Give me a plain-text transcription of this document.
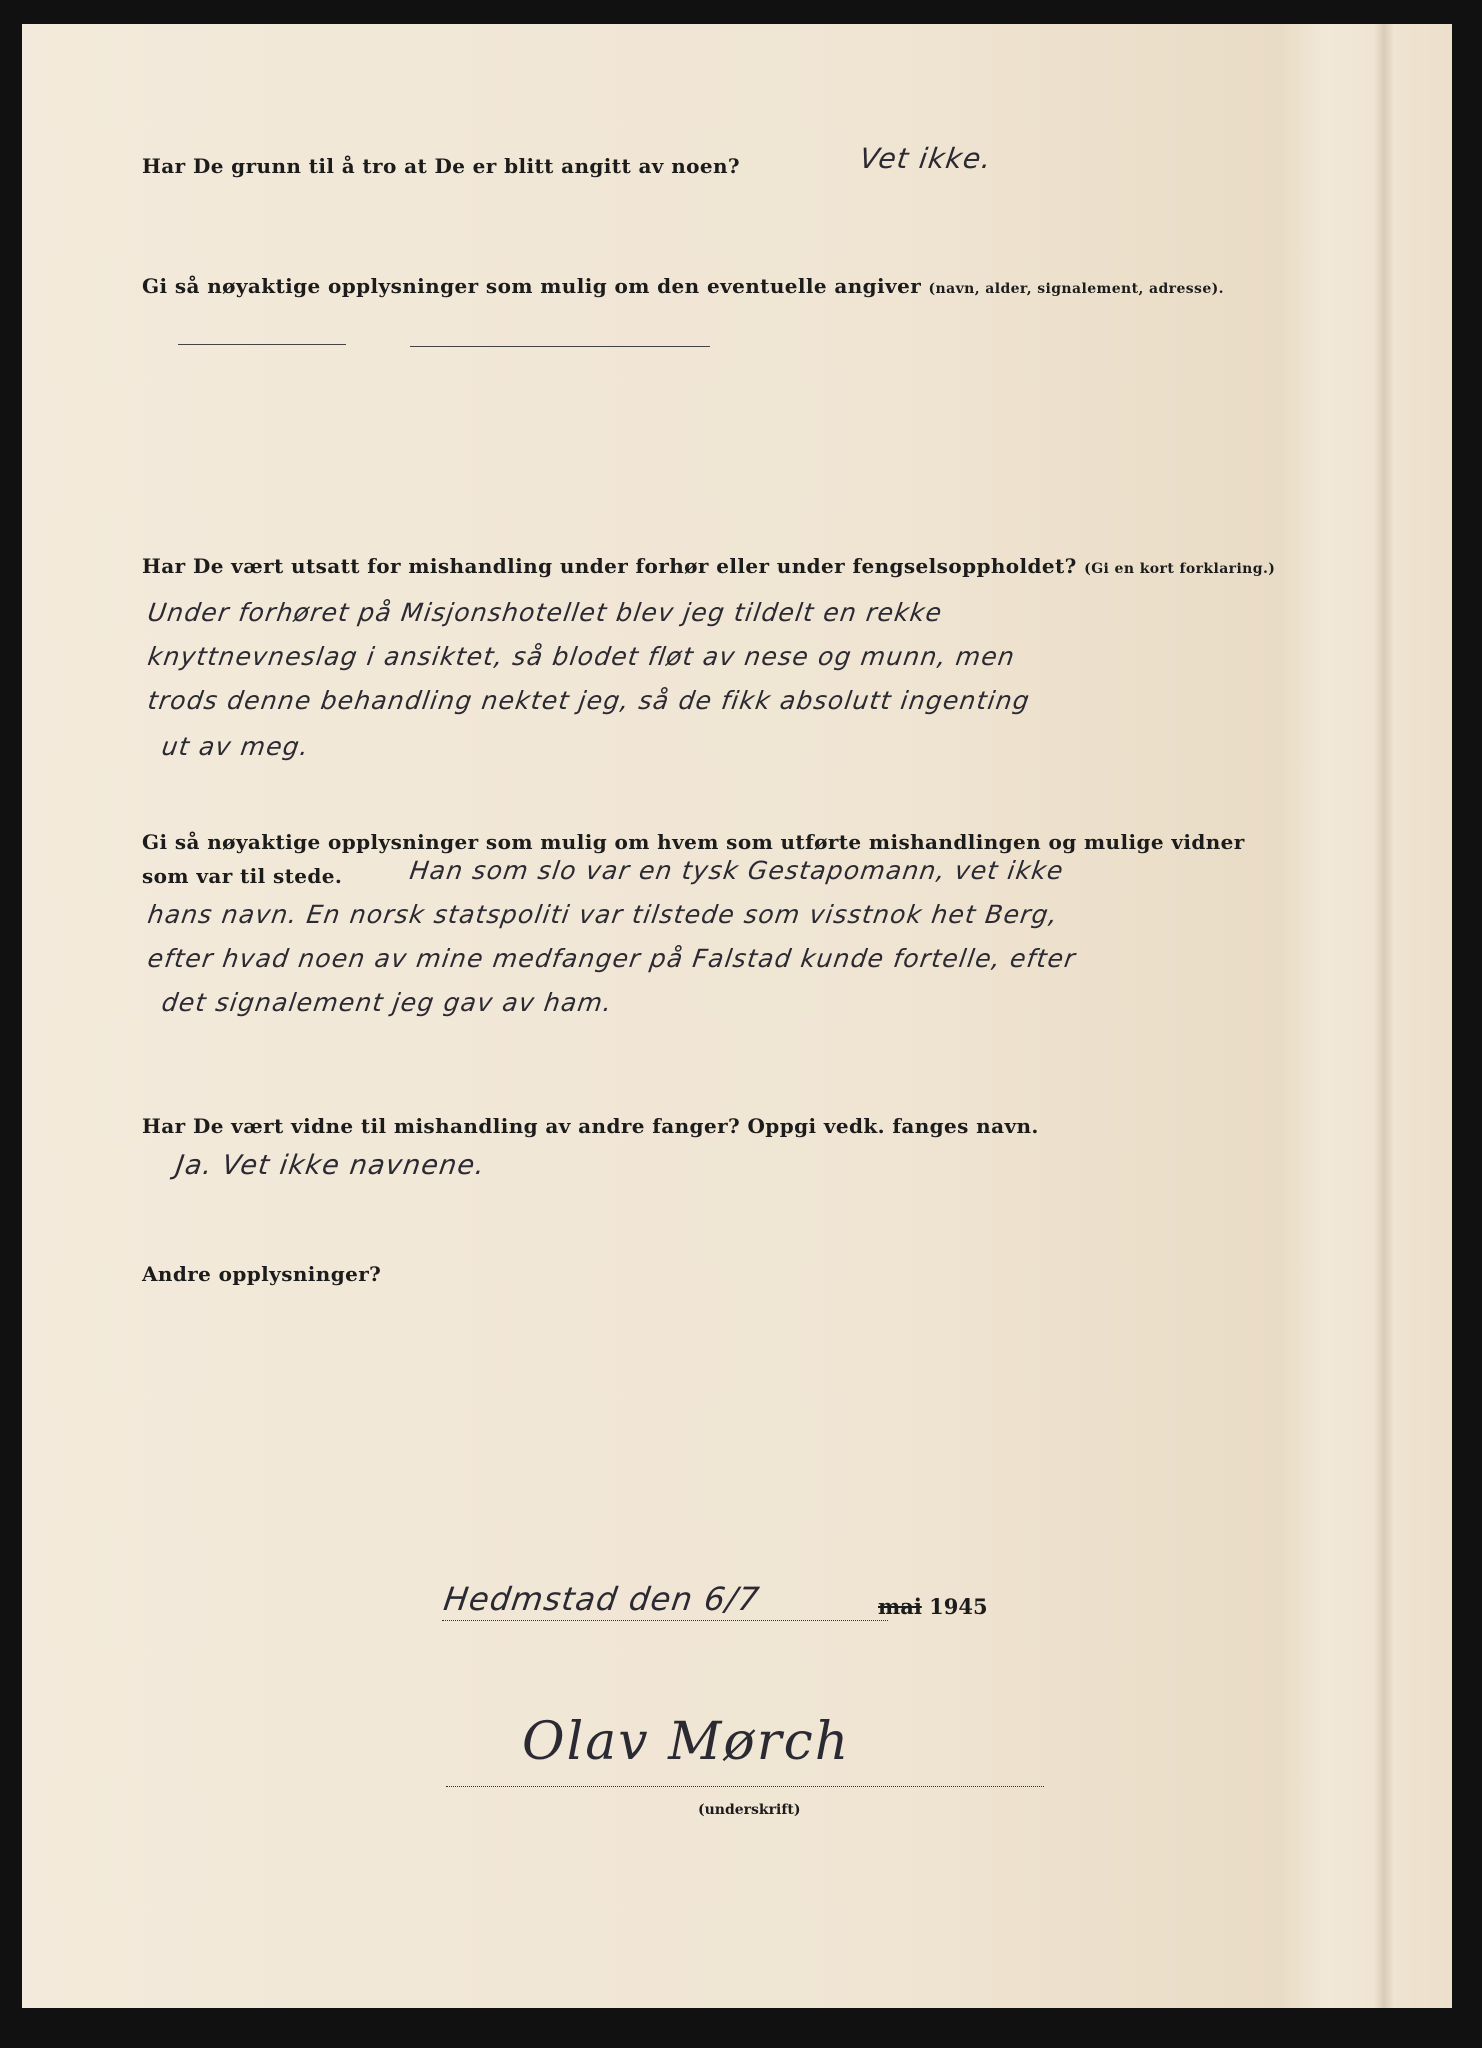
Har De grunn til å tro at De er blitt angitt av noen?	Vet ikke.

Gi så nøyaktige opplysninger som mulig om den eventuelle angiver (navn, alder, signalement, adresse).

Har De vært utsatt for mishandling under forhør eller under fengselsoppholdet? (Gi en kort forklaring.)

Under forhøret på Misjonshotellet blev jeg tildelt en rekke

knyttnevneslag i ansiktet, så blodet fløt av nese og munn, men

trods denne behandling nektet jeg, så de fikk absolutt ingenting

ut av meg.

Gi så nøyaktige opplysninger som mulig om hvem som utførte mishandlingen og mulige vidner

som var til stede.	Han som slo var en tysk Gestapomann, vet ikke

hans navn. En norsk statspoliti var tilstede som visstnok het Berg,

efter hvad noen av mine medfanger på Falstad kunde fortelle, efter

det signalement jeg gav av ham.

Har De vært vidne til mishandling av andre fanger? Oppgi vedk. fanges navn.

Ja. Vet ikke navnene.

Andre opplysninger?

Hedmstad den 6/7	mai 1945
Olav Mørch
(underskrift)
